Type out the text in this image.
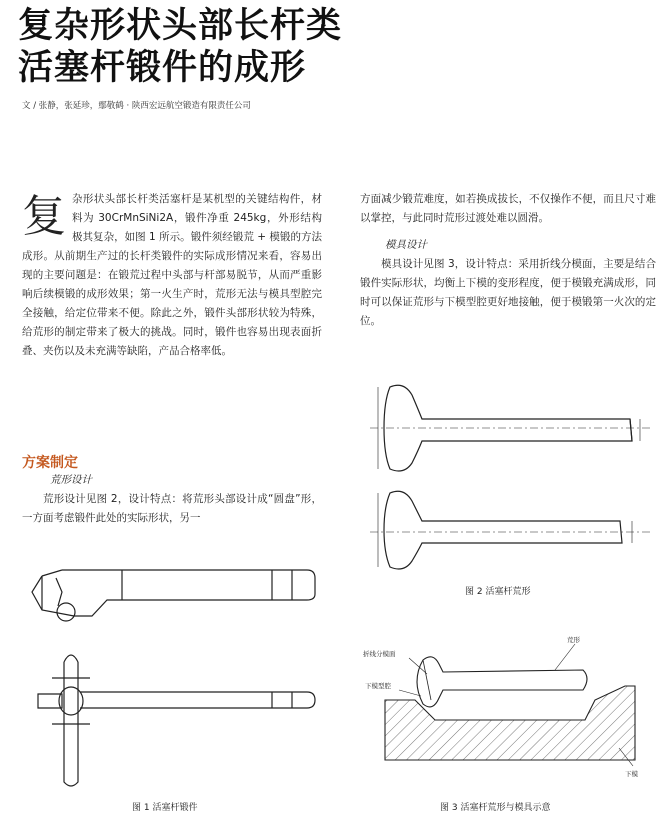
复杂形状头部长杆类
活塞杆锻件的成形
文 / 张静，张延珍，鄢敬鹤 · 陕西宏远航空锻造有限责任公司
复 杂形状头部长杆类活塞杆是某机型的关键结构件，材料为 30CrMnSiNi2A，锻件净重 245kg，外形结构极其复杂，如图 1 所示。锻件须经锻荒 + 模锻的方法成形。从前期生产过的长杆类锻件的实际成形情况来看，容易出现的主要问题是：在锻荒过程中头部与杆部易脱节，从而严重影响后续模锻的成形效果；第一火生产时，荒形无法与模具型腔完全接触，给定位带来不便。除此之外，锻件头部形状较为特殊，给荒形的制定带来了极大的挑战。同时，锻件也容易出现表面折叠、夹伤以及未充满等缺陷，产品合格率低。
方案制定
荒形设计
荒形设计见图 2，设计特点：将荒形头部设计成“圆盘”形，一方面考虑锻件此处的实际形状，另一
方面减少锻荒难度，如若换成拔长，不仅操作不便，而且尺寸难以掌控，与此同时荒形过渡处难以圆滑。
模具设计
模具设计见图 3，设计特点：采用折线分模面，主要是结合锻件实际形状，均衡上下模的变形程度，便于模锻充满成形，同时可以保证荒形与下模型腔更好地接触，便于模锻第一火次的定位。
图 1 活塞杆锻件
图 2 活塞杆荒形
折线分模面
下模型腔
荒形
下模
图 3 活塞杆荒形与模具示意
